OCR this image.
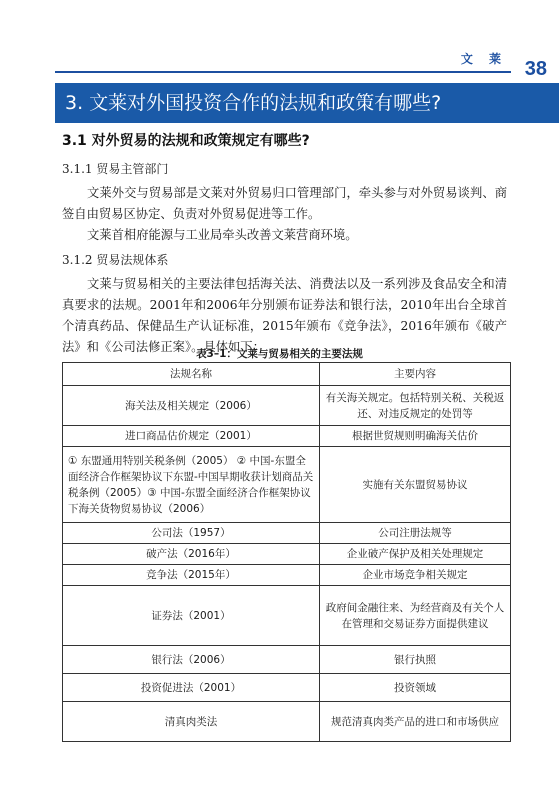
文 莱 38
3. 文莱对外国投资合作的法规和政策有哪些?
3.1 对外贸易的法规和政策规定有哪些?
3.1.1 贸易主管部门
文莱外交与贸易部是文莱对外贸易归口管理部门，牵头参与对外贸易谈判、商签自由贸易区协定、负责对外贸易促进等工作。
文莱首相府能源与工业局牵头改善文莱营商环境。
3.1.2 贸易法规体系
文莱与贸易相关的主要法律包括海关法、消费法以及一系列涉及食品安全和清真要求的法规。2001年和2006年分别颁布证券法和银行法，2010年出台全球首个清真药品、保健品生产认证标准，2015年颁布《竞争法》，2016年颁布《破产法》和《公司法修正案》。具体如下：
表3–1：文莱与贸易相关的主要法规
法规名称	主要内容
海关法及相关规定（2006）	有关海关规定。包括特别关税、关税返还、对违反规定的处罚等
进口商品估价规定（2001）	根据世贸规则明确海关估价
① 东盟通用特别关税条例（2005） ② 中国-东盟全面经济合作框架协议下东盟-中国早期收获计划商品关税条例（2005）③ 中国-东盟全面经济合作框架协议下海关货物贸易协议（2006）	实施有关东盟贸易协议
公司法（1957）	公司注册法规等
破产法（2016年）	企业破产保护及相关处理规定
竞争法（2015年）	企业市场竞争相关规定
证券法（2001）	政府间金融往来、为经营商及有关个人在管理和交易证券方面提供建议
银行法（2006）	银行执照
投资促进法（2001）	投资领域
清真肉类法	规范清真肉类产品的进口和市场供应
